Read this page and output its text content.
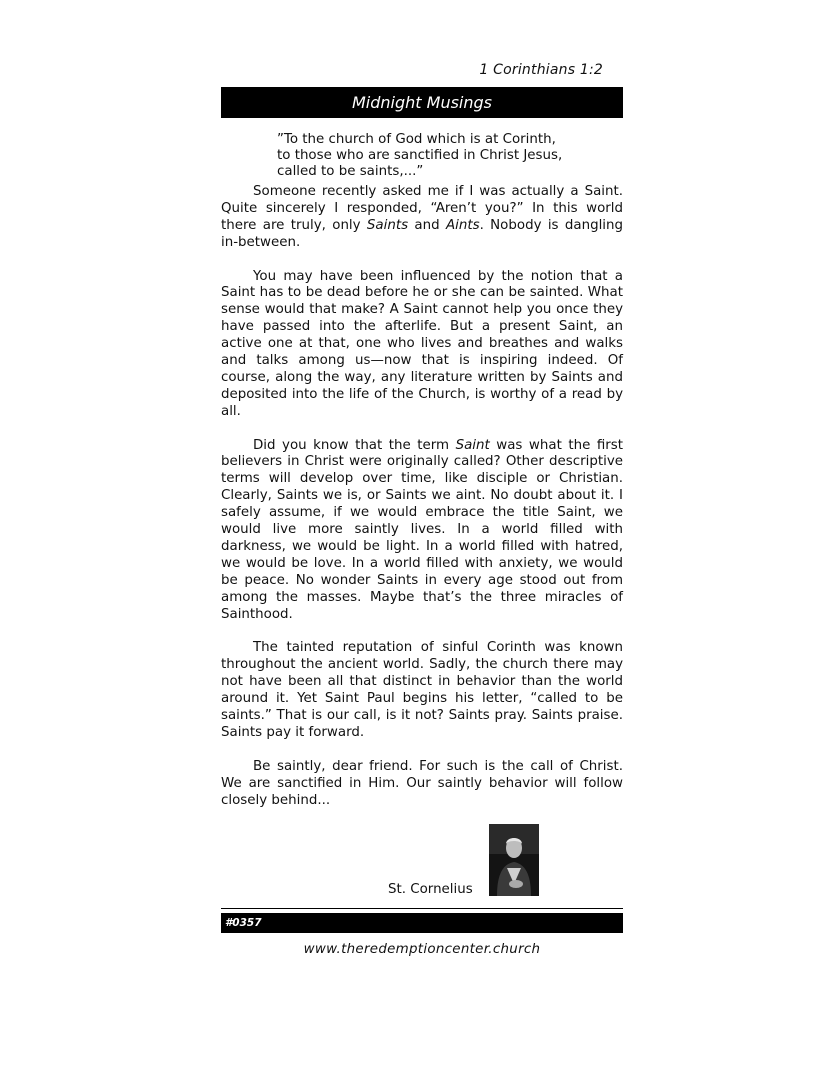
1 Corinthians 1:2
Midnight Musings
”To the church of God which is at Corinth,
to those who are sanctified in Christ Jesus,
called to be saints,...”

Someone recently asked me if I was actually a Saint. Quite sincerely I responded, “Aren’t you?” In this world there are truly, only Saints and Aints. Nobody is dangling in-between.

You may have been influenced by the notion that a Saint has to be dead before he or she can be sainted. What sense would that make? A Saint cannot help you once they have passed into the afterlife. But a present Saint, an active one at that, one who lives and breathes and walks and talks among us—now that is inspiring indeed. Of course, along the way, any literature written by Saints and deposited into the life of the Church, is worthy of a read by all.

Did you know that the term Saint was what the first believers in Christ were originally called? Other descriptive terms will develop over time, like disciple or Christian. Clearly, Saints we is, or Saints we aint. No doubt about it. I safely assume, if we would embrace the title Saint, we would live more saintly lives. In a world filled with darkness, we would be light. In a world filled with hatred, we would be love. In a world filled with anxiety, we would be peace. No wonder Saints in every age stood out from among the masses. Maybe that’s the three miracles of Sainthood.

The tainted reputation of sinful Corinth was known throughout the ancient world. Sadly, the church there may not have been all that distinct in behavior than the world around it. Yet Saint Paul begins his letter, “called to be saints.” That is our call, is it not? Saints pray. Saints praise. Saints pay it forward.

Be saintly, dear friend. For such is the call of Christ. We are sanctified in Him. Our saintly behavior will follow closely behind...

St. Cornelius
#0357
www.theredemptioncenter.church
